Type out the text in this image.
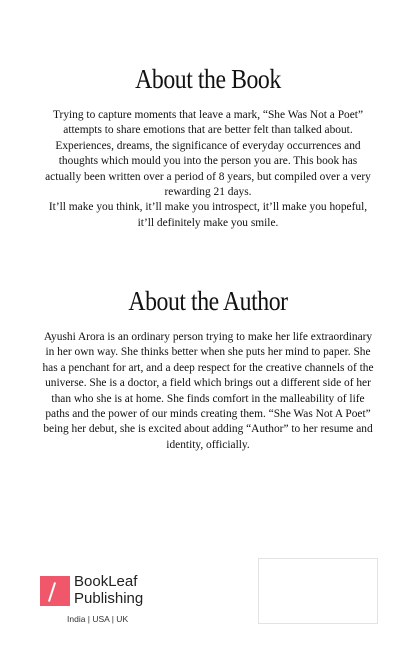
About the Book

Trying to capture moments that leave a mark, “She Was Not a Poet” attempts to share emotions that are better felt than talked about. Experiences, dreams, the significance of everyday occurrences and thoughts which mould you into the person you are. This book has actually been written over a period of 8 years, but compiled over a very rewarding 21 days.

It’ll make you think, it’ll make you introspect, it’ll make you hopeful, it’ll definitely make you smile.

About the Author

Ayushi Arora is an ordinary person trying to make her life extraordinary in her own way. She thinks better when she puts her mind to paper. She has a penchant for art, and a deep respect for the creative channels of the universe. She is a doctor, a field which brings out a different side of her than who she is at home. She finds comfort in the malleability of life paths and the power of our minds creating them. “She Was Not A Poet” being her debut, she is excited about adding “Author” to her resume and identity, officially.

BookLeaf
Publishing
India | USA | UK
